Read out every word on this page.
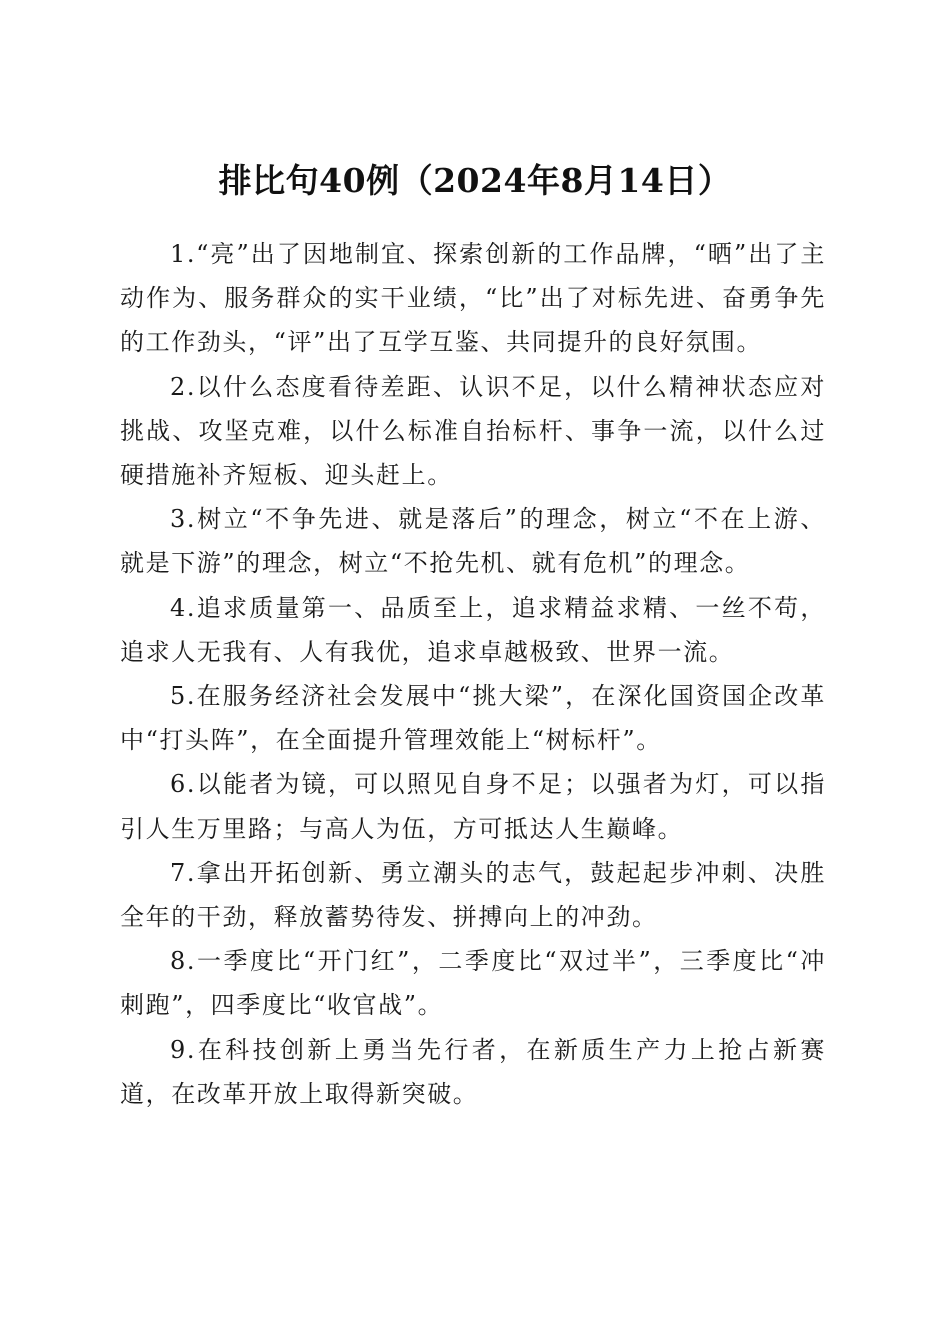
排比句40例（2024年8月14日）

1.“亮”出了因地制宜、探索创新的工作品牌，“晒”出了主动作为、服务群众的实干业绩，“比”出了对标先进、奋勇争先的工作劲头，“评”出了互学互鉴、共同提升的良好氛围。

2.以什么态度看待差距、认识不足，以什么精神状态应对挑战、攻坚克难，以什么标准自抬标杆、事争一流，以什么过硬措施补齐短板、迎头赶上。

3.树立“不争先进、就是落后”的理念，树立“不在上游、就是下游”的理念，树立“不抢先机、就有危机”的理念。

4.追求质量第一、品质至上，追求精益求精、一丝不苟，追求人无我有、人有我优，追求卓越极致、世界一流。

5.在服务经济社会发展中“挑大梁”，在深化国资国企改革中“打头阵”，在全面提升管理效能上“树标杆”。

6.以能者为镜，可以照见自身不足；以强者为灯，可以指引人生万里路；与高人为伍，方可抵达人生巅峰。

7.拿出开拓创新、勇立潮头的志气，鼓起起步冲刺、决胜全年的干劲，释放蓄势待发、拼搏向上的冲劲。

8.一季度比“开门红”，二季度比“双过半”，三季度比“冲刺跑”，四季度比“收官战”。

9.在科技创新上勇当先行者，在新质生产力上抢占新赛道，在改革开放上取得新突破。
